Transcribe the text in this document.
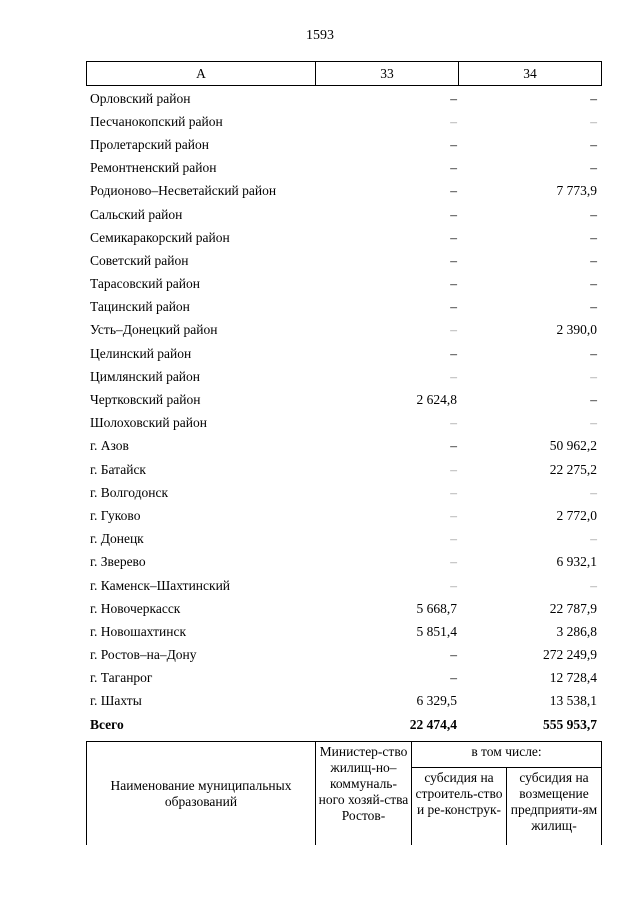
1593
А	33	34
Орловский район	–	–
Песчанокопский район	–	–
Пролетарский район	–	–
Ремонтненский район	–	–
Родионово–Несветайский район	–	7 773,9
Сальский район	–	–
Семикаракорский район	–	–
Советский район	–	–
Тарасовский район	–	–
Тацинский район	–	–
Усть–Донецкий район	–	2 390,0
Целинский район	–	–
Цимлянский район	–	–
Чертковский район	2 624,8	–
Шолоховский район	–	–
г. Азов	–	50 962,2
г. Батайск	–	22 275,2
г. Волгодонск	–	–
г. Гуково	–	2 772,0
г. Донецк	–	–
г. Зверево	–	6 932,1
г. Каменск–Шахтинский	–	–
г. Новочеркасск	5 668,7	22 787,9
г. Новошахтинск	5 851,4	3 286,8
г. Ростов–на–Дону	–	272 249,9
г. Таганрог	–	12 728,4
г. Шахты	6 329,5	13 538,1
Всего	22 474,4	555 953,7
Наименование муниципальных образований	Министер-ство жилищ-но–коммуналь-ного хозяй-ства Ростов-	в том числе:	
		субсидия на строитель-ство и ре-конструк-	субсидия на возмещение предприяти-ям жилищ-
